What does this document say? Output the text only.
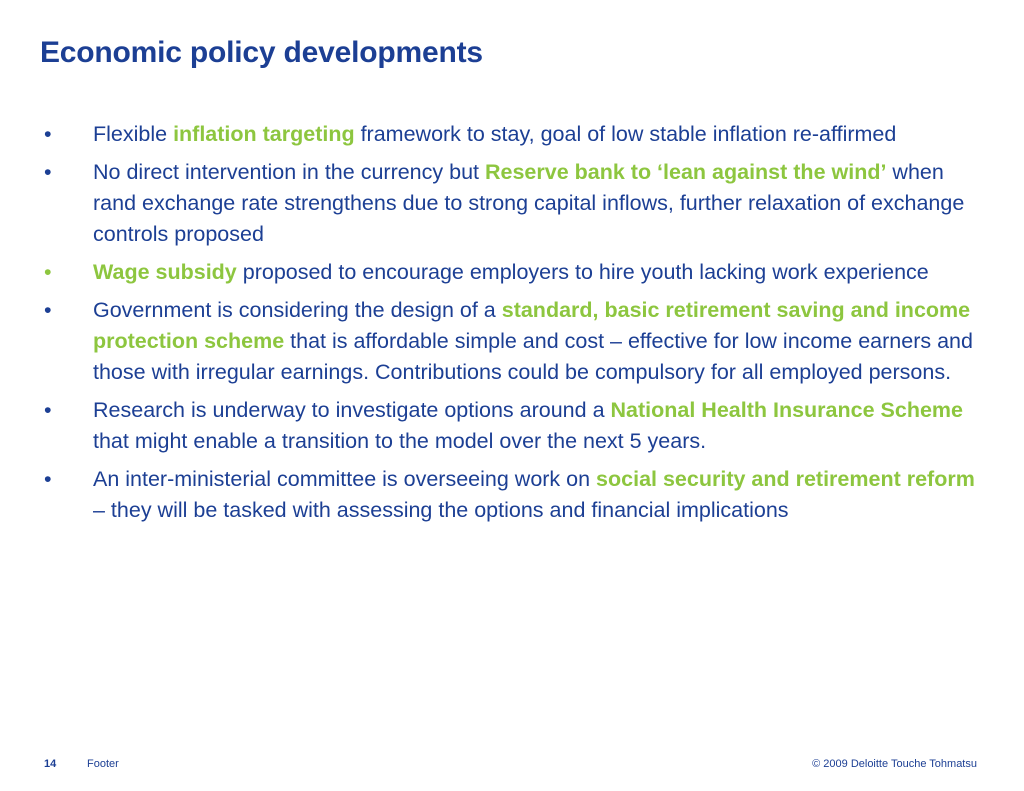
Economic policy developments
•	Flexible inflation targeting framework to stay, goal of low stable inflation re-affirmed
•	No direct intervention in the currency but Reserve bank to ‘lean against the wind’ when rand exchange rate strengthens due to strong capital inflows, further relaxation of exchange controls proposed
•	Wage subsidy proposed to encourage employers to hire youth lacking work experience
•	Government is considering the design of a standard, basic retirement saving and income protection scheme that is affordable simple and cost – effective for low income earners and those with irregular earnings. Contributions could be compulsory for all employed persons.
•	Research is underway to investigate options around a National Health Insurance Scheme that might enable a transition to the model over the next 5 years.
•	An inter-ministerial committee is overseeing work on social security and retirement reform – they will be tasked with assessing the options and financial implications
14	Footer	© 2009 Deloitte Touche Tohmatsu
